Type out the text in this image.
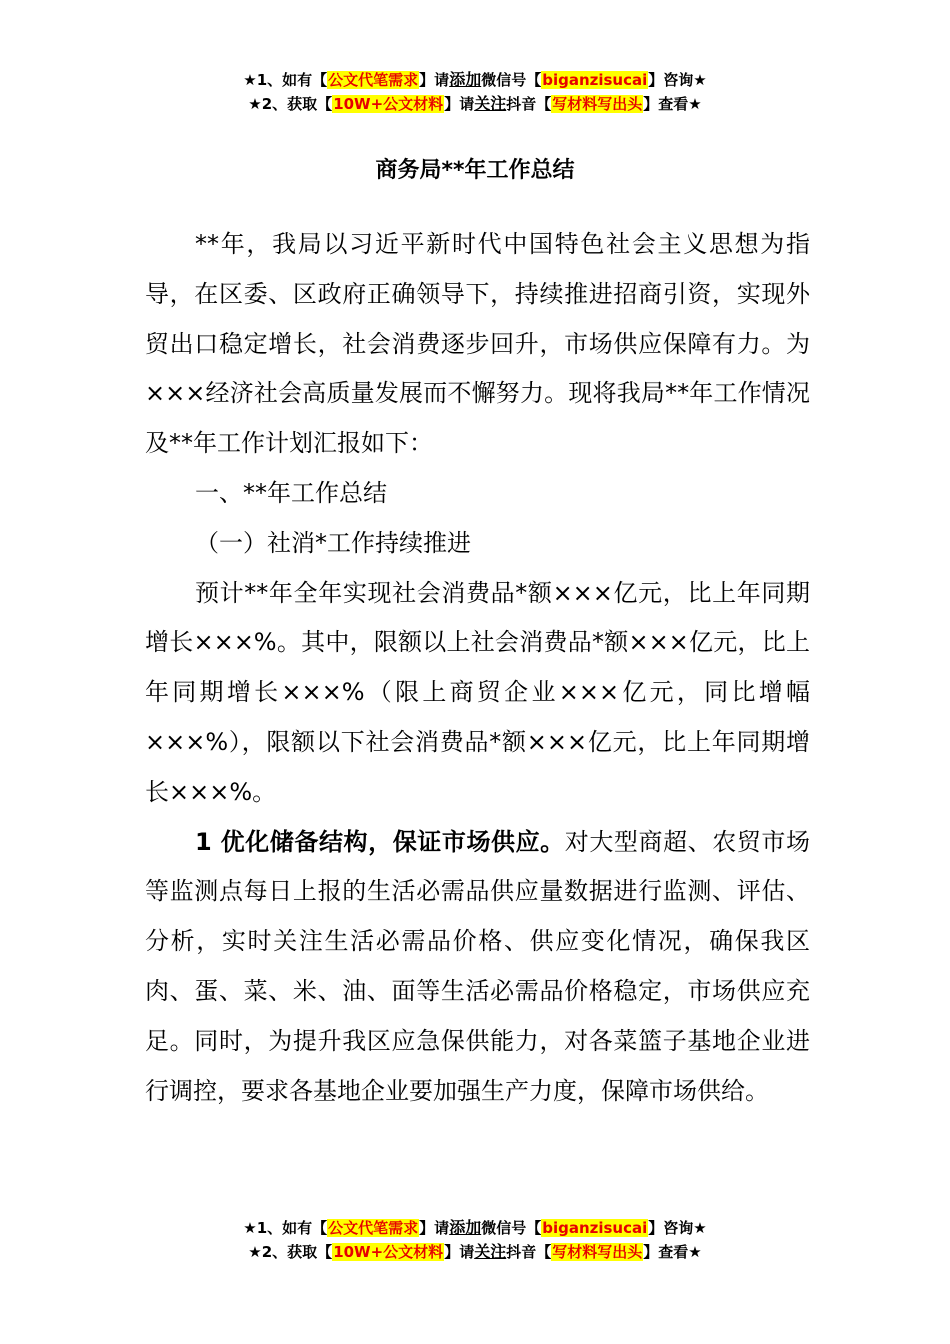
★1、如有【公文代笔需求】请添加微信号【biganzisucai】咨询★
★2、获取【10W+公文材料】请关注抖音【写材料写出头】查看★
商务局**年工作总结

**年，我局以习近平新时代中国特色社会主义思想为指导，在区委、区政府正确领导下，持续推进招商引资，实现外贸出口稳定增长，社会消费逐步回升，市场供应保障有力。为×××经济社会高质量发展而不懈努力。现将我局**年工作情况及**年工作计划汇报如下：

一、**年工作总结

（一）社消*工作持续推进

预计**年全年实现社会消费品*额×××亿元，比上年同期增长×××%。其中，限额以上社会消费品*额×××亿元，比上年同期增长×××%（限上商贸企业×××亿元，同比增幅×××%），限额以下社会消费品*额×××亿元，比上年同期增长×××%。

1 优化储备结构，保证市场供应。对大型商超、农贸市场等监测点每日上报的生活必需品供应量数据进行监测、评估、分析，实时关注生活必需品价格、供应变化情况，确保我区肉、蛋、菜、米、油、面等生活必需品价格稳定，市场供应充足。同时，为提升我区应急保供能力，对各菜篮子基地企业进行调控，要求各基地企业要加强生产力度，保障市场供给。

★1、如有【公文代笔需求】请添加微信号【biganzisucai】咨询★
★2、获取【10W+公文材料】请关注抖音【写材料写出头】查看★
